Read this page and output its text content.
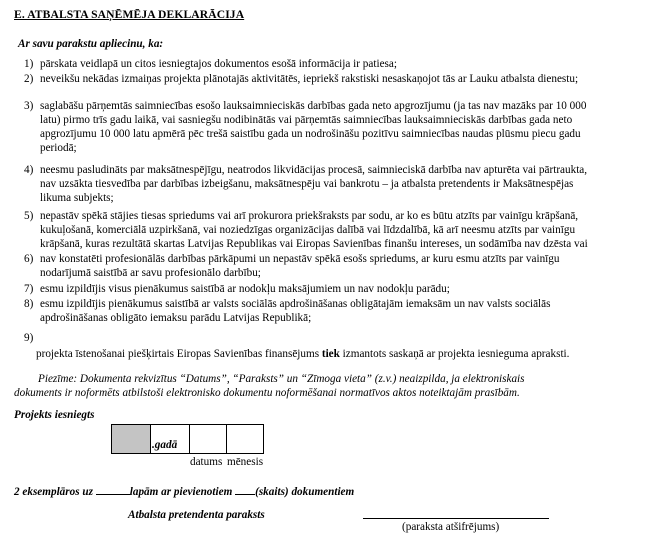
E. ATBALSTA SAŅĒMĒJA DEKLARĀCIJA
Ar savu parakstu apliecinu, ka:
1) pārskata veidlapā un citos iesniegtajos dokumentos esošā informācija ir patiesa;
2) neveikšu nekādas izmaiņas projekta plānotajās aktivitātēs, iepriekš rakstiski nesaskaņojot tās ar Lauku atbalsta dienestu;
3) saglabāšu pārņemtās saimniecības esošo lauksaimnieciskās darbības gada neto apgrozījumu (ja tas nav mazāks par 10 000
latu) pirmo trīs gadu laikā, vai sasniegšu nodibinātās vai pārņemtās saimniecības lauksaimnieciskās darbības gada neto
apgrozījumu 10 000 latu apmērā pēc trešā saistību gada un nodrošināšu pozitīvu saimniecības naudas plūsmu piecu gadu
periodā;
4) neesmu pasludināts par maksātnespējīgu, neatrodos likvidācijas procesā, saimnieciskā darbība nav apturēta vai pārtraukta,
nav uzsākta tiesvedība par darbības izbeigšanu, maksātnespēju vai bankrotu – ja atbalsta pretendents ir Maksātnespējas
likuma subjekts;
5) nepastāv spēkā stājies tiesas spriedums vai arī prokurora priekšraksts par sodu, ar ko es būtu atzīts par vainīgu krāpšanā,
kukuļošanā, komerciālā uzpirkšanā, vai noziedzīgas organizācijas dalībā vai līdzdalībā, kā arī neesmu atzīts par vainīgu
krāpšanā, kuras rezultātā skartas Latvijas Republikas vai Eiropas Savienības finanšu intereses, un sodāmība nav dzēsta vai
6) nav konstatēti profesionālās darbības pārkāpumi un nepastāv spēkā esošs spriedums, ar kuru esmu atzīts par vainīgu
nodarījumā saistībā ar savu profesionālo darbību;
7) esmu izpildījis visus pienākumus saistībā ar nodokļu maksājumiem un nav nodokļu parādu;
8) esmu izpildījis pienākumus saistībā ar valsts sociālās apdrošināšanas obligātajām iemaksām un nav valsts sociālās
apdrošināšanas obligāto iemaksu parādu Latvijas Republikā;
9)
projekta īstenošanai piešķirtais Eiropas Savienības finansējums tiek izmantots saskaņā ar projekta iesnieguma apraksti.
Piezīme: Dokumenta rekvizītus “Datums”, “Paraksts” un “Zīmoga vieta” (z.v.) neaizpilda, ja elektroniskais
dokuments ir noformēts atbilstoši elektronisko dokumentu noformēšanai normatīvos aktos noteiktajām prasībām.
Projekts iesniegts
.gadā
datums mēnesis
2 eksemplāros uz	lapām ar pievienotiem (skaits) dokumentiem
Atbalsta pretendenta paraksts
(paraksta atšifrējums)
